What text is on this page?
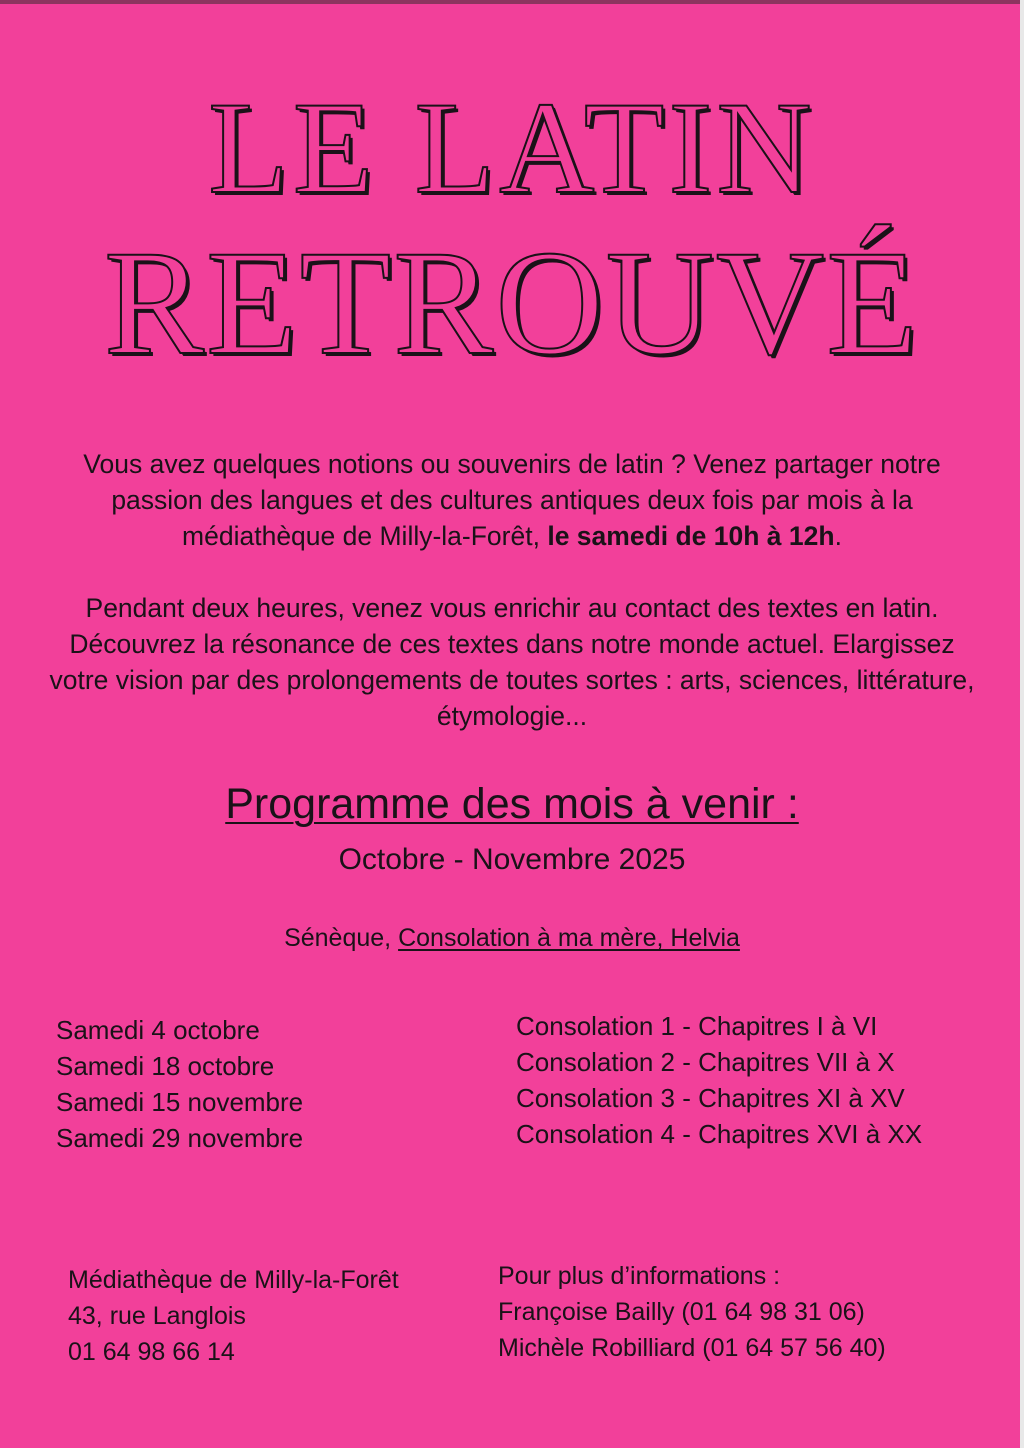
LE LATIN
RETROUVÉ
Vous avez quelques notions ou souvenirs de latin ? Venez partager notre passion des langues et des cultures antiques deux fois par mois à la médiathèque de Milly-la-Forêt, le samedi de 10h à 12h.
Pendant deux heures, venez vous enrichir au contact des textes en latin. Découvrez la résonance de ces textes dans notre monde actuel. Elargissez votre vision par des prolongements de toutes sortes : arts, sciences, littérature, étymologie...
Programme des mois à venir :
Octobre - Novembre 2025
Sénèque, Consolation à ma mère, Helvia
Samedi 4 octobre
Samedi 18 octobre
Samedi 15 novembre
Samedi 29 novembre
Consolation 1 - Chapitres I à VI
Consolation 2 - Chapitres VII à X
Consolation 3 - Chapitres XI à XV
Consolation 4 - Chapitres XVI à XX
Médiathèque de Milly-la-Forêt
43, rue Langlois
01 64 98 66 14
Pour plus d’informations :
Françoise Bailly (01 64 98 31 06)
Michèle Robilliard (01 64 57 56 40)
